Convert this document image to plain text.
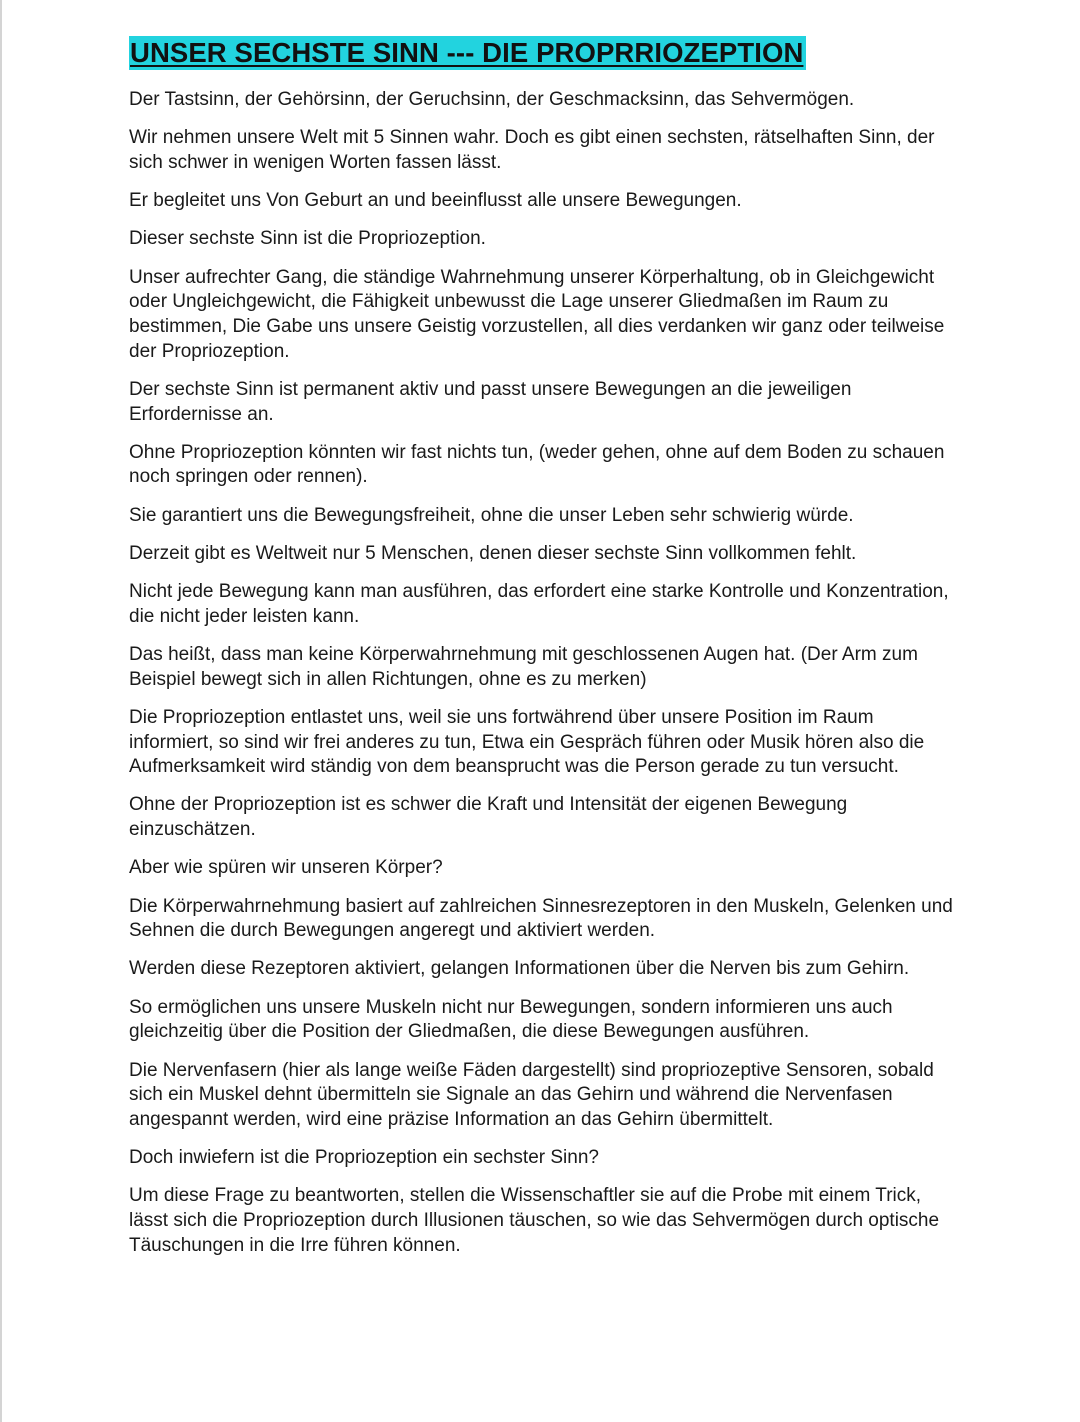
UNSER SECHSTE SINN --- DIE PROPRRIOZEPTION

Der Tastsinn, der Gehörsinn, der Geruchsinn, der Geschmacksinn, das Sehvermögen.

Wir nehmen unsere Welt mit 5 Sinnen wahr. Doch es gibt einen sechsten, rätselhaften Sinn, der sich schwer in wenigen Worten fassen lässt.

Er begleitet uns Von Geburt an und beeinflusst alle unsere Bewegungen.

Dieser sechste Sinn ist die Propriozeption.

Unser aufrechter Gang, die ständige Wahrnehmung unserer Körperhaltung, ob in Gleichgewicht oder Ungleichgewicht, die Fähigkeit unbewusst die Lage unserer Gliedmaßen im Raum zu bestimmen, Die Gabe uns unsere Geistig vorzustellen, all dies verdanken wir ganz oder teilweise der Propriozeption.

Der sechste Sinn ist permanent aktiv und passt unsere Bewegungen an die jeweiligen Erfordernisse an.

Ohne Propriozeption könnten wir fast nichts tun, (weder gehen, ohne auf dem Boden zu schauen noch springen oder rennen).

Sie garantiert uns die Bewegungsfreiheit, ohne die unser Leben sehr schwierig würde.

Derzeit gibt es Weltweit nur 5 Menschen, denen dieser sechste Sinn vollkommen fehlt.

Nicht jede Bewegung kann man ausführen, das erfordert eine starke Kontrolle und Konzentration, die nicht jeder leisten kann.

Das heißt, dass man keine Körperwahrnehmung mit geschlossenen Augen hat. (Der Arm zum Beispiel bewegt sich in allen Richtungen, ohne es zu merken)

Die Propriozeption entlastet uns, weil sie uns fortwährend über unsere Position im Raum informiert, so sind wir frei anderes zu tun, Etwa ein Gespräch führen oder Musik hören also die Aufmerksamkeit wird ständig von dem beansprucht was die Person gerade zu tun versucht.

Ohne der Propriozeption ist es schwer die Kraft und Intensität der eigenen Bewegung einzuschätzen.

Aber wie spüren wir unseren Körper?

Die Körperwahrnehmung basiert auf zahlreichen Sinnesrezeptoren in den Muskeln, Gelenken und Sehnen die durch Bewegungen angeregt und aktiviert werden.

Werden diese Rezeptoren aktiviert, gelangen Informationen über die Nerven bis zum Gehirn.

So ermöglichen uns unsere Muskeln nicht nur Bewegungen, sondern informieren uns auch gleichzeitig über die Position der Gliedmaßen, die diese Bewegungen ausführen.

Die Nervenfasern (hier als lange weiße Fäden dargestellt) sind propriozeptive Sensoren, sobald sich ein Muskel dehnt übermitteln sie Signale an das Gehirn und während die Nervenfasen angespannt werden, wird eine präzise Information an das Gehirn übermittelt.

Doch inwiefern ist die Propriozeption ein sechster Sinn?

Um diese Frage zu beantworten, stellen die Wissenschaftler sie auf die Probe mit einem Trick, lässt sich die Propriozeption durch Illusionen täuschen, so wie das Sehvermögen durch optische Täuschungen in die Irre führen können.
